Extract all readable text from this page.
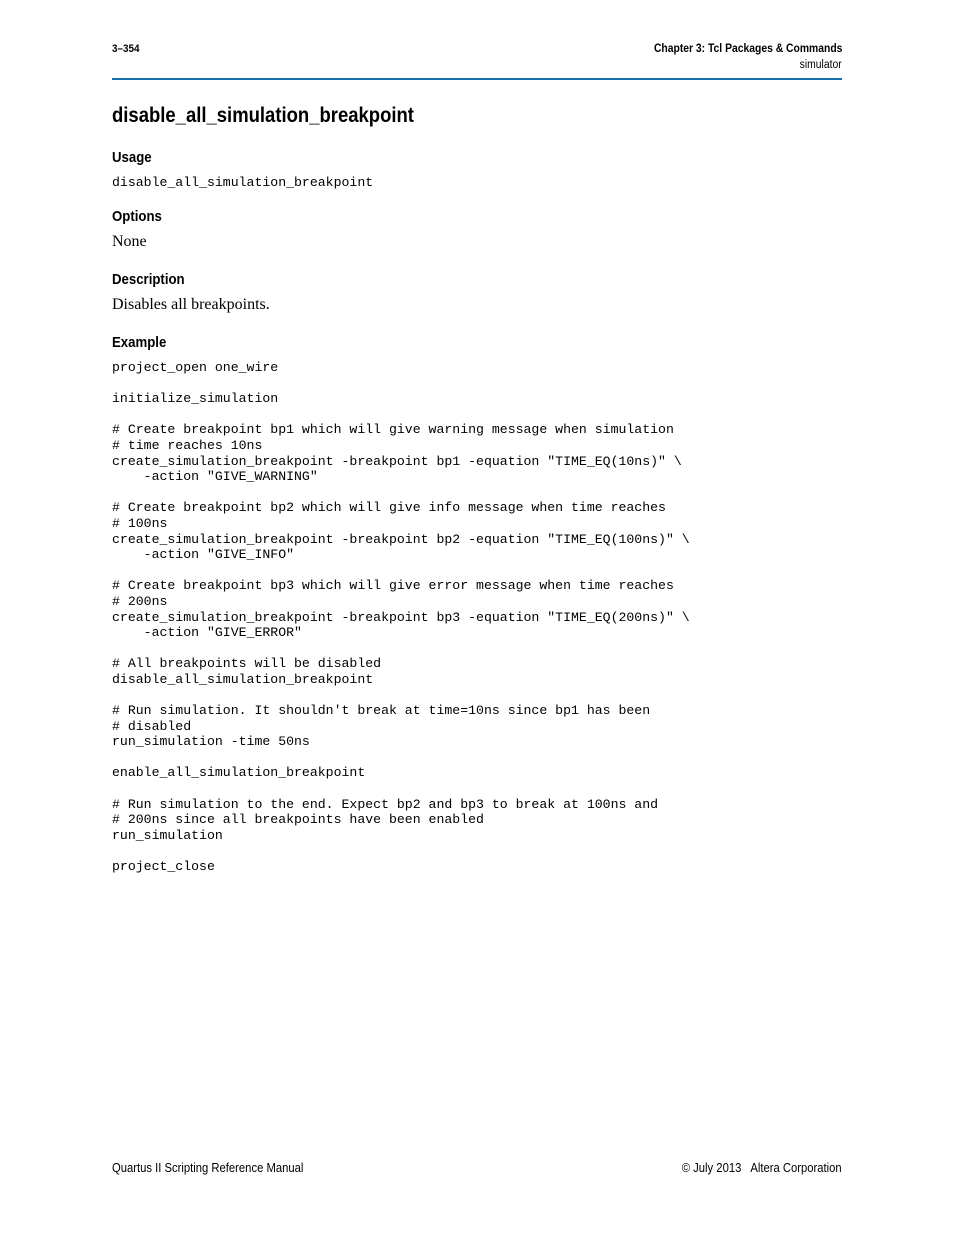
3–354	Chapter 3: Tcl Packages & Commands
simulator
disable_all_simulation_breakpoint
Usage
disable_all_simulation_breakpoint
Options

None

Description

Disables all breakpoints.

Example
project_open one_wire

initialize_simulation

# Create breakpoint bp1 which will give warning message when simulation
# time reaches 10ns
create_simulation_breakpoint -breakpoint bp1 -equation "TIME_EQ(10ns)" \
-action "GIVE_WARNING"

# Create breakpoint bp2 which will give info message when time reaches
# 100ns
create_simulation_breakpoint -breakpoint bp2 -equation "TIME_EQ(100ns)" \
-action "GIVE_INFO"

# Create breakpoint bp3 which will give error message when time reaches
# 200ns
create_simulation_breakpoint -breakpoint bp3 -equation "TIME_EQ(200ns)" \
-action "GIVE_ERROR"

# All breakpoints will be disabled
disable_all_simulation_breakpoint

# Run simulation. It shouldn't break at time=10ns since bp1 has been
# disabled
run_simulation -time 50ns

enable_all_simulation_breakpoint

# Run simulation to the end. Expect bp2 and bp3 to break at 100ns and
# 200ns since all breakpoints have been enabled
run_simulation

project_close
Quartus II Scripting Reference Manual	© July 2013 Altera Corporation
